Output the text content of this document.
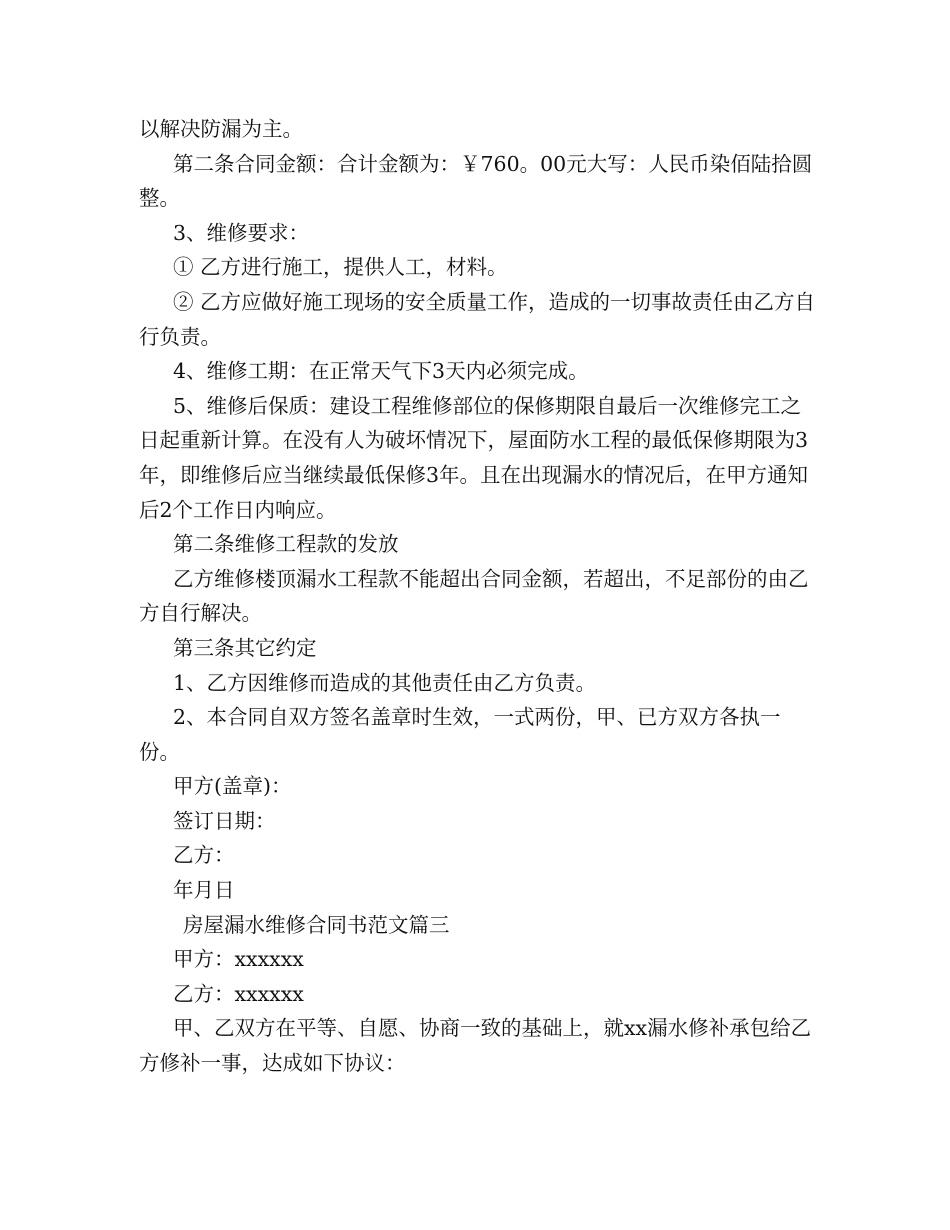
以解决防漏为主。

第二条合同金额：合计金额为：￥760。00元大写：人民币染佰陆拾圆整。

3、维修要求：

① 乙方进行施工，提供人工，材料。

② 乙方应做好施工现场的安全质量工作，造成的一切事故责任由乙方自行负责。

4、维修工期：在正常天气下3天内必须完成。

5、维修后保质：建设工程维修部位的保修期限自最后一次维修完工之日起重新计算。在没有人为破坏情况下，屋面防水工程的最低保修期限为3年，即维修后应当继续最低保修3年。且在出现漏水的情况后，在甲方通知后2个工作日内响应。

第二条维修工程款的发放

乙方维修楼顶漏水工程款不能超出合同金额，若超出，不足部份的由乙方自行解决。

第三条其它约定

1、乙方因维修而造成的其他责任由乙方负责。

2、本合同自双方签名盖章时生效，一式两份，甲、已方双方各执一份。

甲方(盖章)：

签订日期：

乙方：

年月日

房屋漏水维修合同书范文篇三

甲方：xxxxxx

乙方：xxxxxx

甲、乙双方在平等、自愿、协商一致的基础上，就xx漏水修补承包给乙方修补一事，达成如下协议：
